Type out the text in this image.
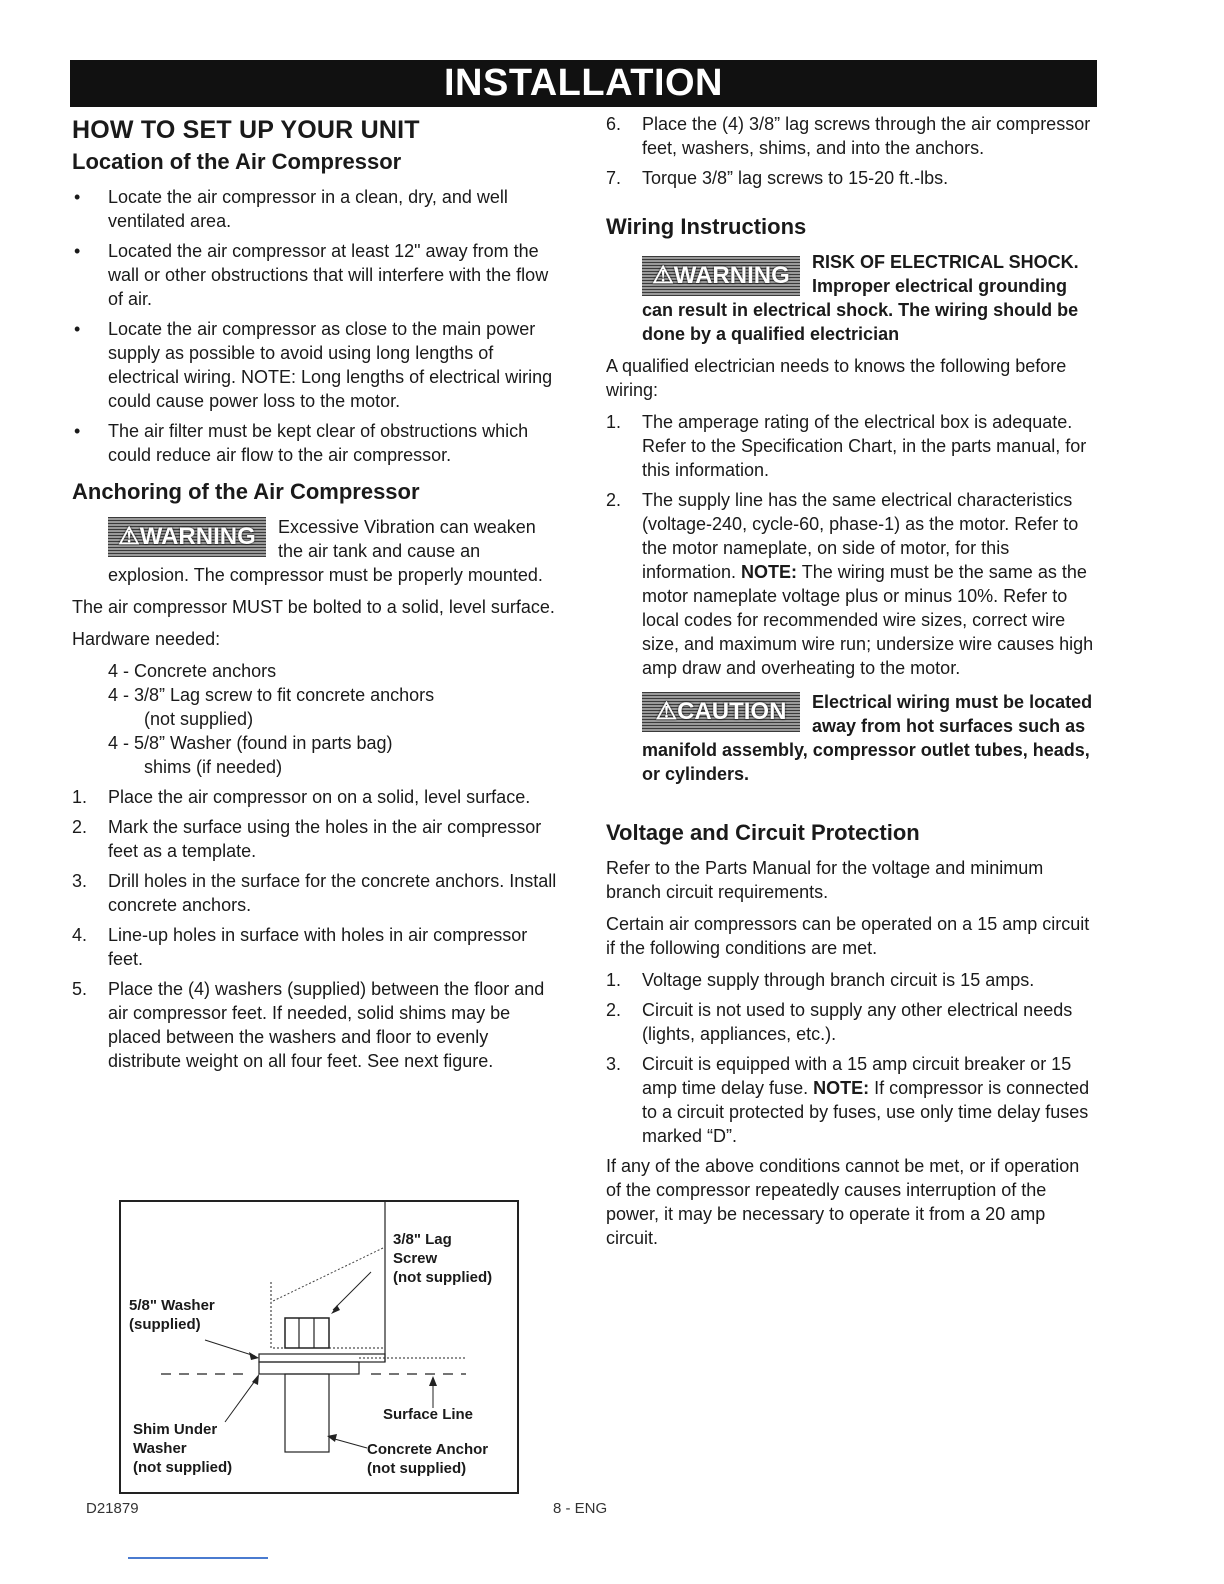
INSTALLATION
HOW TO SET UP YOUR UNIT
Location of the Air Compressor
• Locate the air compressor in a clean, dry, and well ventilated area.
• Located the air compressor at least 12" away from the wall or other obstructions that will interfere with the flow of air.
• Locate the air compressor as close to the main power supply as possible to avoid using long lengths of electrical wiring. NOTE: Long lengths of electrical wiring could cause power loss to the motor.
• The air filter must be kept clear of obstructions which could reduce air flow to the air compressor.
Anchoring of the Air Compressor
⚠WARNING	Excessive Vibration can weaken the air tank and cause an explosion. The compressor must be properly mounted.

The air compressor MUST be bolted to a solid, level surface.

Hardware needed:

4 - Concrete anchors
4 - 3/8” Lag screw to fit concrete anchors
(not supplied)
4 - 5/8” Washer (found in parts bag)
shims (if needed)
1. Place the air compressor on on a solid, level surface.
2. Mark the surface using the holes in the air compressor feet as a template.
3. Drill holes in the surface for the concrete anchors. Install concrete anchors.
4. Line-up holes in surface with holes in air compressor feet.
5. Place the (4) washers (supplied) between the floor and air compressor feet. If needed, solid shims may be placed between the washers and floor to evenly distribute weight on all four feet. See next figure.
3/8" Lag
Screw
(not supplied)
5/8" Washer
(supplied)
Surface Line
Shim Under
Washer
(not supplied)
Concrete Anchor
(not supplied)
6. Place the (4) 3/8” lag screws through the air compressor feet, washers, shims, and into the anchors.
7. Torque 3/8” lag screws to 15-20 ft.-lbs.
Wiring Instructions
⚠WARNING	RISK OF ELECTRICAL SHOCK. Improper electrical grounding can result in electrical shock. The wiring should be done by a qualified electrician

A qualified electrician needs to knows the following before wiring:

1. The amperage rating of the electrical box is adequate. Refer to the Specification Chart, in the parts manual, for this information.
2. The supply line has the same electrical characteristics (voltage-240, cycle-60, phase-1) as the motor. Refer to the motor nameplate, on side of motor, for this information. NOTE: The wiring must be the same as the motor nameplate voltage plus or minus 10%. Refer to local codes for recommended wire sizes, correct wire size, and maximum wire run; undersize wire causes high amp draw and overheating to the motor.
⚠CAUTION	Electrical wiring must be located away from hot surfaces such as manifold assembly, compressor outlet tubes, heads, or cylinders.

Voltage and Circuit Protection

Refer to the Parts Manual for the voltage and minimum branch circuit requirements.

Certain air compressors can be operated on a 15 amp circuit if the following conditions are met.

1. Voltage supply through branch circuit is 15 amps.
2. Circuit is not used to supply any other electrical needs (lights, appliances, etc.).
3. Circuit is equipped with a 15 amp circuit breaker or 15 amp time delay fuse. NOTE: If compressor is connected to a circuit protected by fuses, use only time delay fuses marked “D”.

If any of the above conditions cannot be met, or if operation of the compressor repeatedly causes interruption of the power, it may be necessary to operate it from a 20 amp circuit.

D21879	8 - ENG
